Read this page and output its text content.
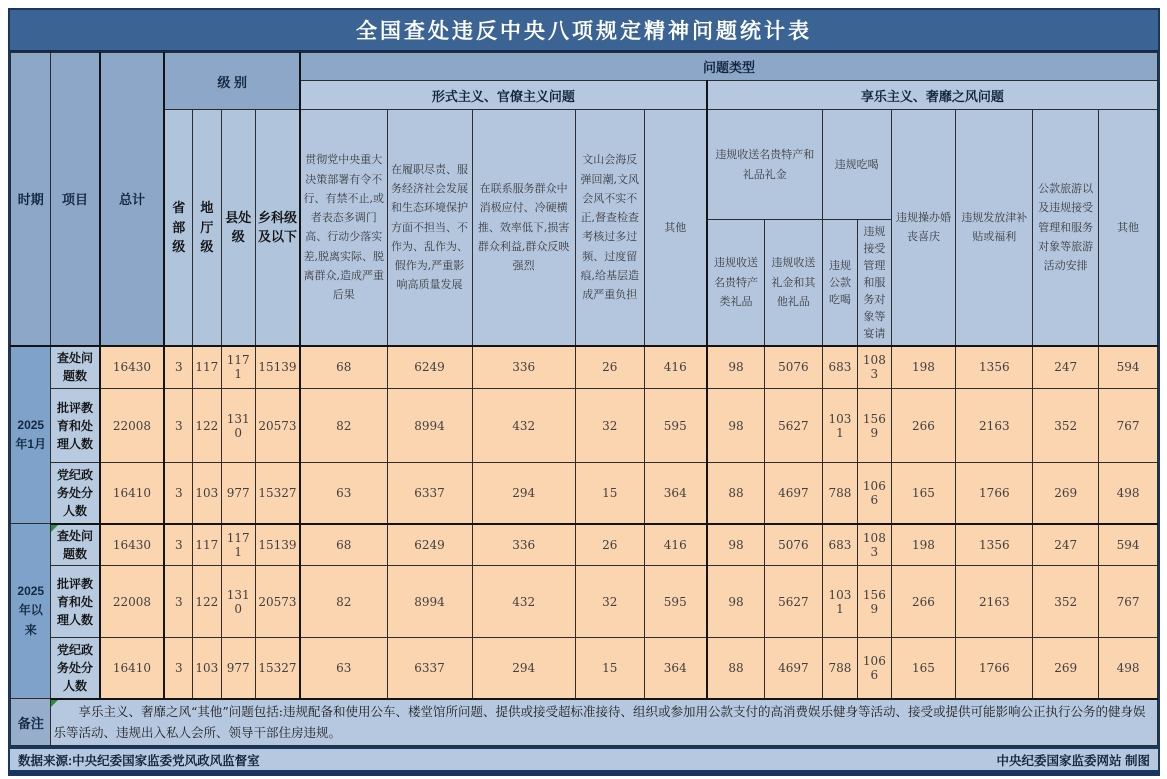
全国查处违反中央八项规定精神问题统计表
时期	项目	总计	级 别				问题类型												
							形式主义、官僚主义问题					享乐主义、奢靡之风问题							
			省部级	地厅级	县处级	乡科级及以下	贯彻党中央重大决策部署有令不行、有禁不止,或者表态多调门高、行动少落实差,脱离实际、脱离群众,造成严重后果	在履职尽责、服务经济社会发展和生态环境保护方面不担当、不作为、乱作为、假作为,严重影响高质量发展	在联系服务群众中消极应付、冷硬横推、效率低下,损害群众利益,群众反映强烈	文山会海反弹回潮,文风会风不实不正,督查检查考核过多过频、过度留痕,给基层造成严重负担	其他	违规收送名贵特产和礼品礼金		违规吃喝		违规操办婚丧喜庆	违规发放津补贴或福利	公款旅游以及违规接受管理和服务对象等旅游活动安排	其他
												违规收送名贵特产类礼品	违规收送礼金和其他礼品	违规公款吃喝	违规接受管理和服务对象等宴请				
2025年1月	查处问题数	16430	3	117	1171	15139	68	6249	336	26	416	98	5076	683	1083	198	1356	247	594
	批评教育和处理人数	22008	3	122	1310	20573	82	8994	432	32	595	98	5627	1031	1569	266	2163	352	767
	党纪政务处分人数	16410	3	103	977	15327	63	6337	294	15	364	88	4697	788	1066	165	1766	269	498
2025年以来	查处问题数	16430	3	117	1171	15139	68	6249	336	26	416	98	5076	683	1083	198	1356	247	594
	批评教育和处理人数	22008	3	122	1310	20573	82	8994	432	32	595	98	5627	1031	1569	266	2163	352	767
	党纪政务处分人数	16410	3	103	977	15327	63	6337	294	15	364	88	4697	788	1066	165	1766	269	498
备注	享乐主义、奢靡之风“其他”问题包括:违规配备和使用公车、楼堂馆所问题、提供或接受超标准接待、组织或参加用公款支付的高消费娱乐健身等活动、接受或提供可能影响公正执行公务的健身娱乐等活动、违规出入私人会所、领导干部住房违规。																		

数据来源:中央纪委国家监委党风政风监督室	中央纪委国家监委网站 制图
